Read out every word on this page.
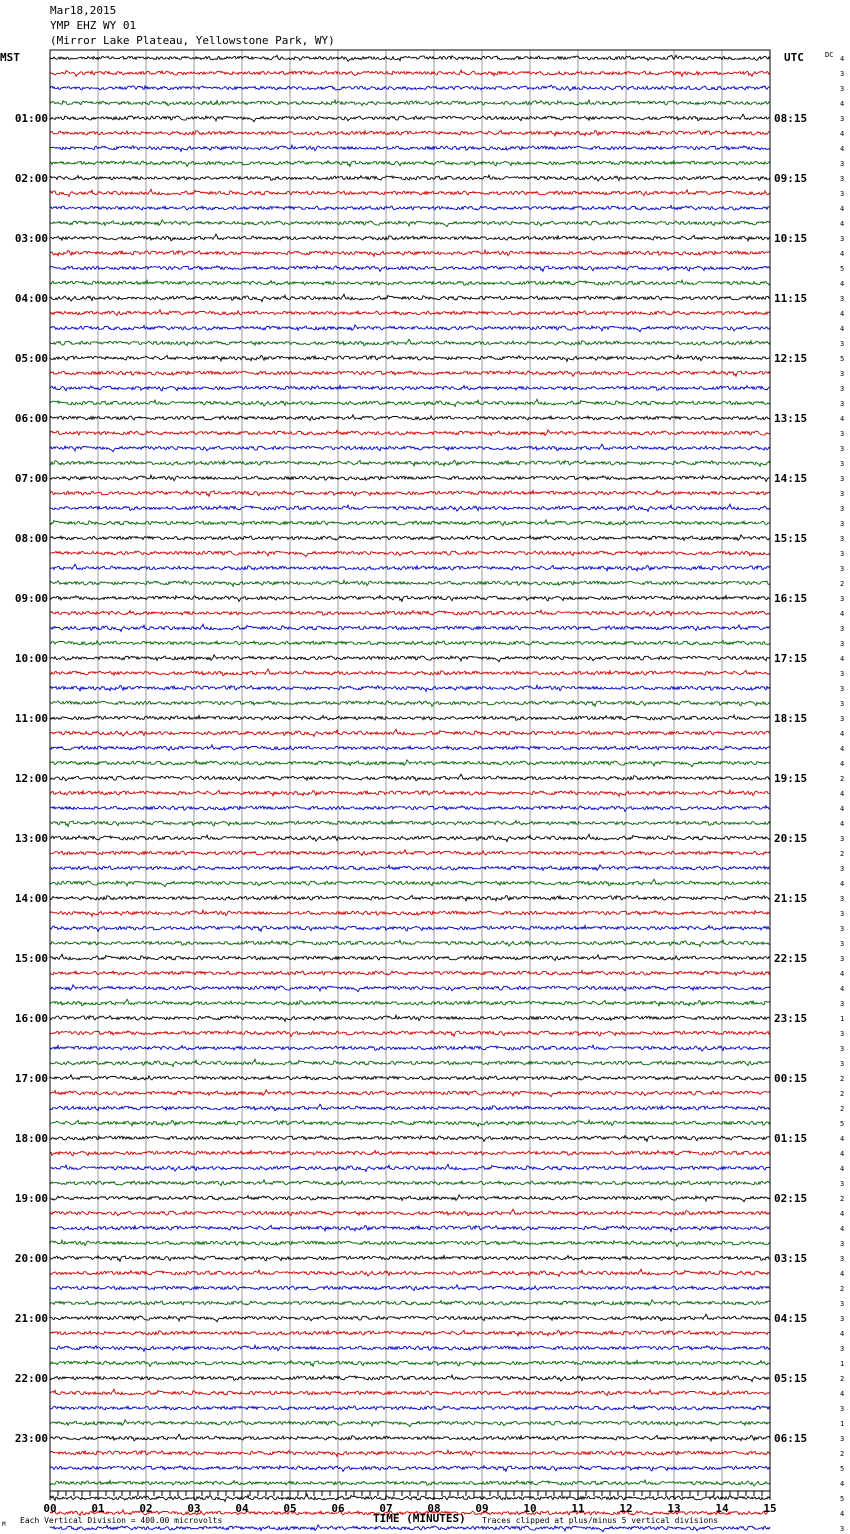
Mar18,2015
YMP EHZ WY 01
(Mirror Lake Plateau, Yellowstone Park, WY)
00	01	02	03	04	05	06	07	08	09	10	11	12	13	14	15
01:00
02:00
03:00
04:00
05:00
06:00
07:00
08:00
09:00
10:00
11:00
12:00
13:00
14:00
15:00
16:00
17:00
18:00
19:00
20:00
21:00
22:00
23:00
08:15
09:15
10:15
11:15
12:15
13:15
14:15
15:15
16:15
17:15
18:15
19:15
20:15
21:15
22:15
23:15
00:15
01:15
02:15
03:15
04:15
05:15
06:15
4
3
3
4
3
4
4
3
3
3
4
4
3
4
5
4
3
4
4
3
5
3
3
3
4
3
3
3
3
3
3
3
3
3
3
2
3
4
3
3
4
3
3
3
3
4
4
4
2
4
4
4
3
2
3
4
3
3
3
3
3
4
4
3
1
3
3
3
2
2
2
5
4
4
4
3
2
4
4
3
3
4
2
3
3
4
3
1
2
4
3
1
3
2
5
4
5
4
3
MST	UTC	DC
M Each Vertical Division = 400.00 microvolts	TIME (MINUTES) Traces clipped at plus/minus 5 vertical divisions
